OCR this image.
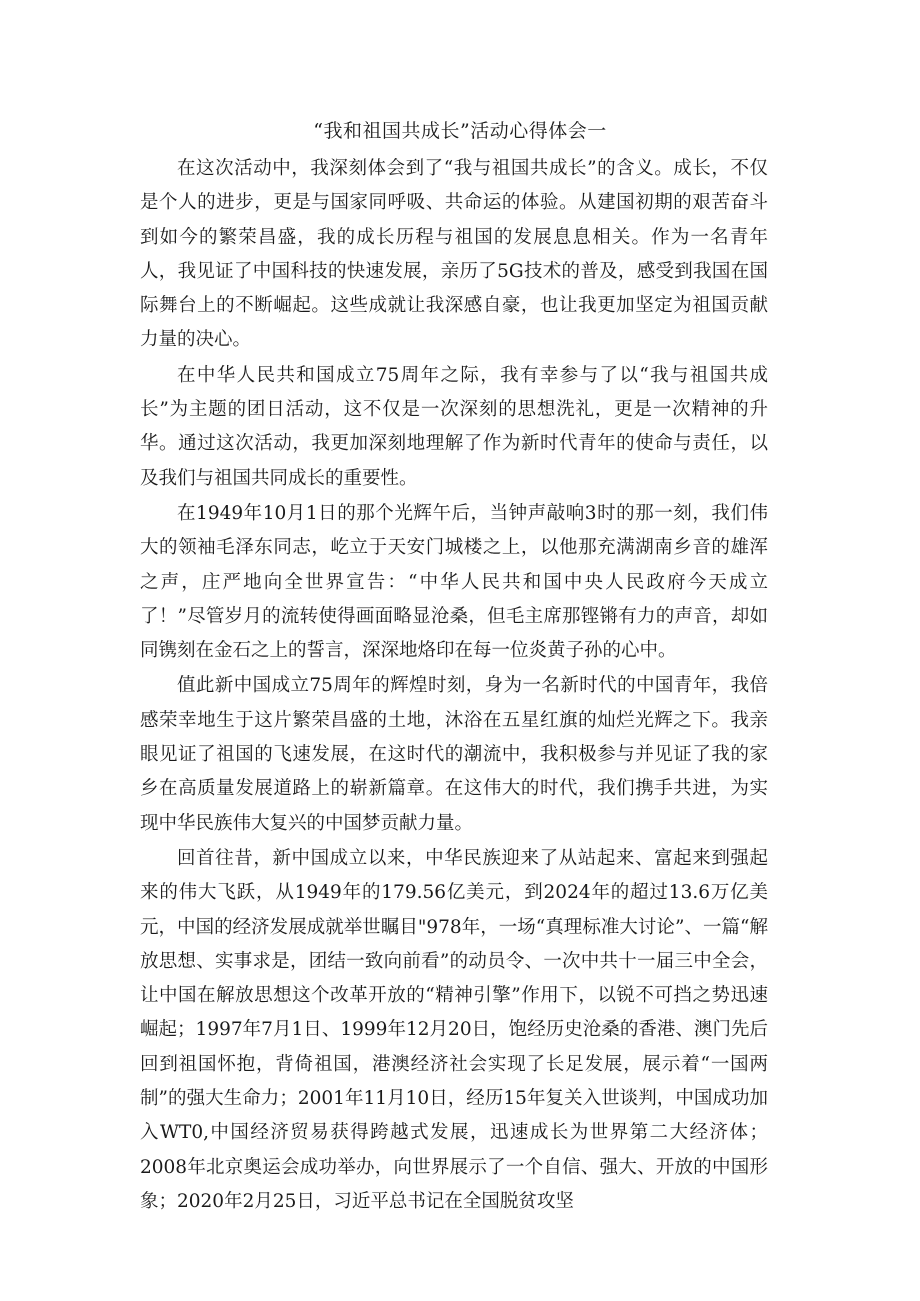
“我和祖国共成长”活动心得体会一

在这次活动中，我深刻体会到了“我与祖国共成长”的含义。成长，不仅是个人的进步，更是与国家同呼吸、共命运的体验。从建国初期的艰苦奋斗到如今的繁荣昌盛，我的成长历程与祖国的发展息息相关。作为一名青年人，我见证了中国科技的快速发展，亲历了5G技术的普及，感受到我国在国际舞台上的不断崛起。这些成就让我深感自豪，也让我更加坚定为祖国贡献力量的决心。

在中华人民共和国成立75周年之际，我有幸参与了以“我与祖国共成长”为主题的团日活动，这不仅是一次深刻的思想洗礼，更是一次精神的升华。通过这次活动，我更加深刻地理解了作为新时代青年的使命与责任，以及我们与祖国共同成长的重要性。

在1949年10月1日的那个光辉午后，当钟声敲响3时的那一刻，我们伟大的领袖毛泽东同志，屹立于天安门城楼之上，以他那充满湖南乡音的雄浑之声，庄严地向全世界宣告：“中华人民共和国中央人民政府今天成立了！”尽管岁月的流转使得画面略显沧桑，但毛主席那铿锵有力的声音，却如同镌刻在金石之上的誓言，深深地烙印在每一位炎黄子孙的心中。

值此新中国成立75周年的辉煌时刻，身为一名新时代的中国青年，我倍感荣幸地生于这片繁荣昌盛的土地，沐浴在五星红旗的灿烂光辉之下。我亲眼见证了祖国的飞速发展，在这时代的潮流中，我积极参与并见证了我的家乡在高质量发展道路上的崭新篇章。在这伟大的时代，我们携手共进，为实现中华民族伟大复兴的中国梦贡献力量。

回首往昔，新中国成立以来，中华民族迎来了从站起来、富起来到强起来的伟大飞跃，从1949年的179.56亿美元，到2024年的超过13.6万亿美元，中国的经济发展成就举世瞩目"978年，一场“真理标准大讨论”、一篇“解放思想、实事求是，团结一致向前看”的动员令、一次中共十一届三中全会，让中国在解放思想这个改革开放的“精神引擎”作用下，以锐不可挡之势迅速崛起；1997年7月1日、1999年12月20日，饱经历史沧桑的香港、澳门先后回到祖国怀抱，背倚祖国，港澳经济社会实现了长足发展，展示着“一国两制”的强大生命力；2001年11月10日，经历15年复关入世谈判，中国成功加入WT0,中国经济贸易获得跨越式发展，迅速成长为世界第二大经济体；2008年北京奥运会成功举办，向世界展示了一个自信、强大、开放的中国形象；2020年2月25日，习近平总书记在全国脱贫攻坚
